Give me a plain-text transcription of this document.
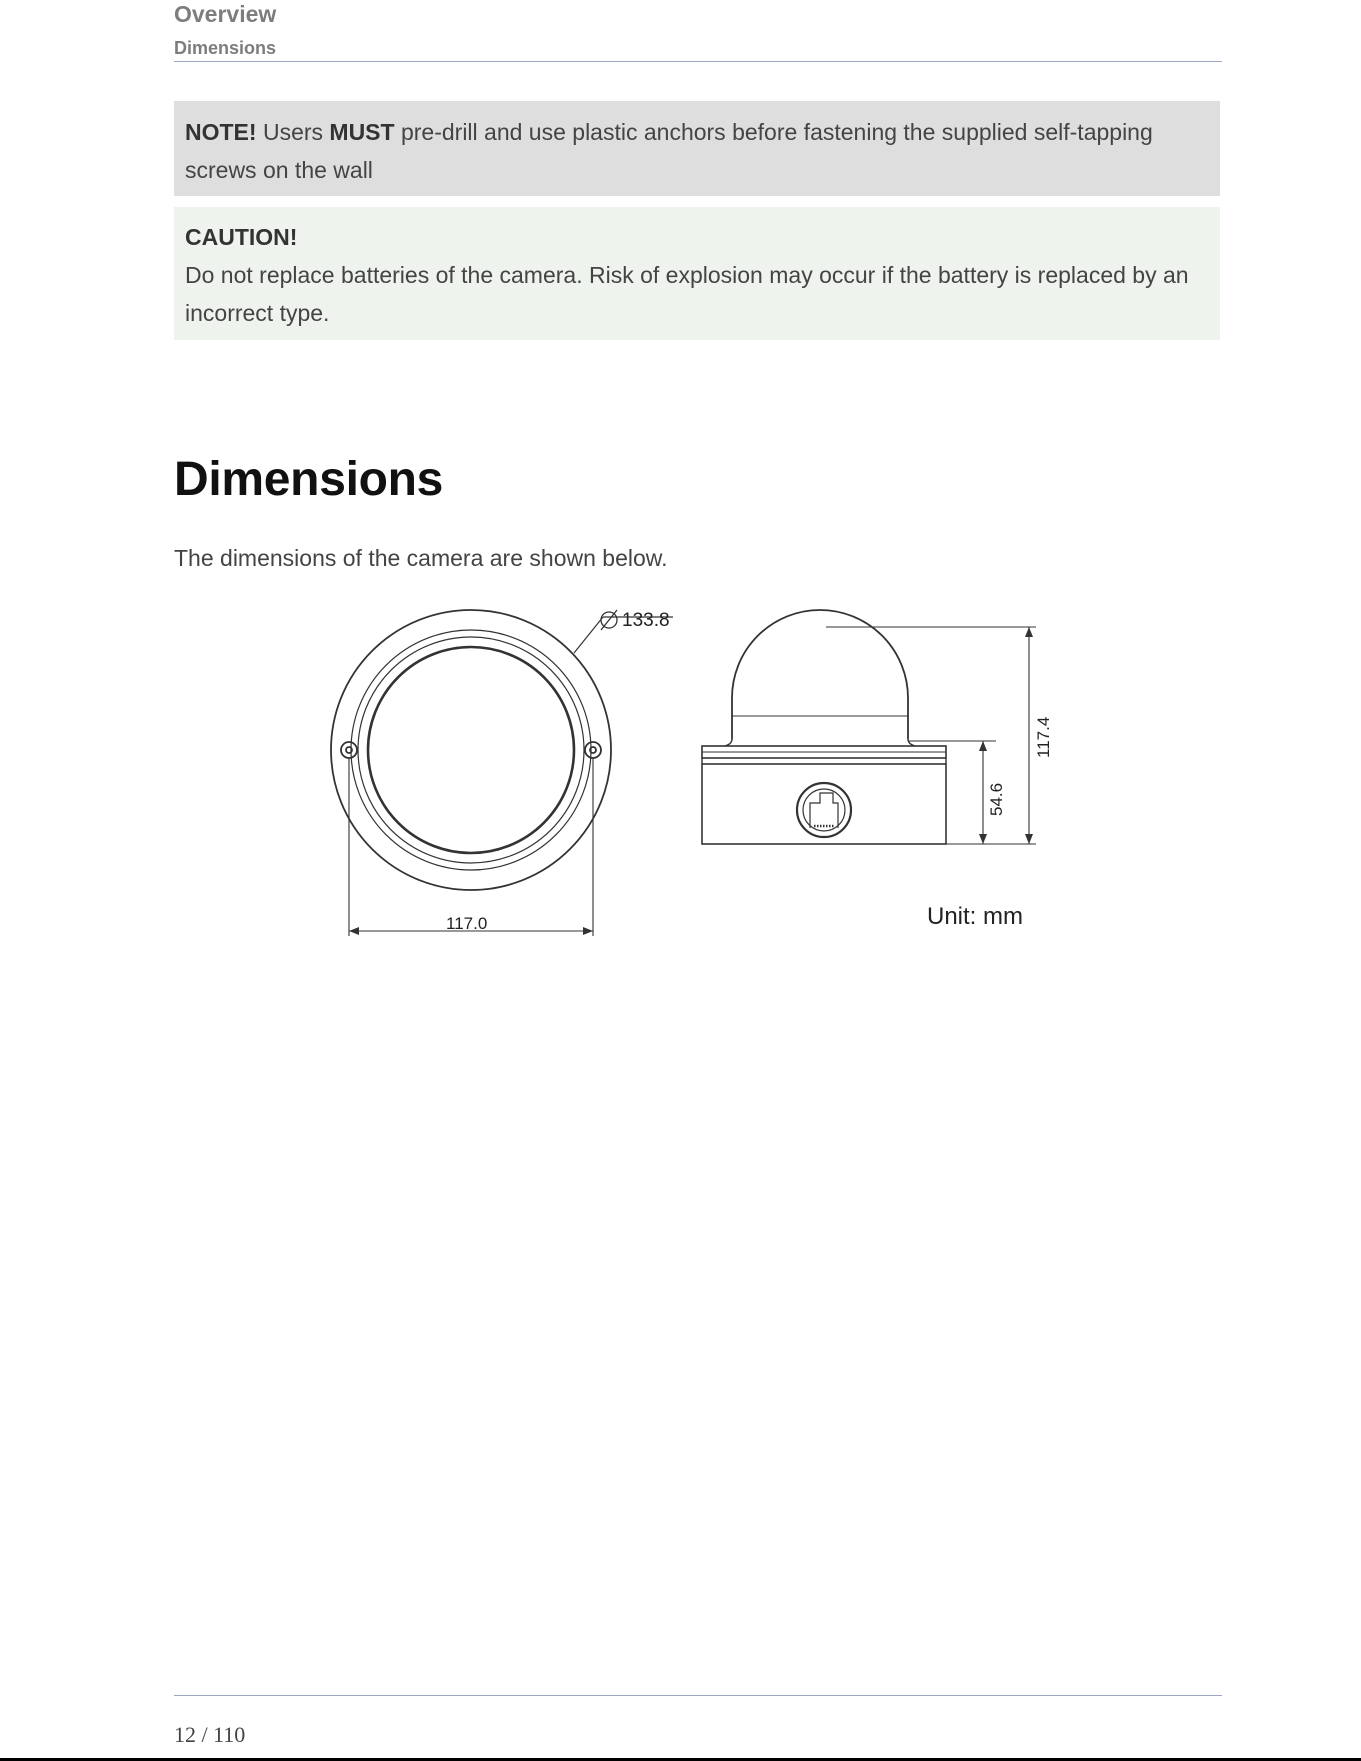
Overview
Dimensions
NOTE! Users MUST pre-drill and use plastic anchors before fastening the supplied self-tapping screws on the wall
CAUTION!
Do not replace batteries of the camera. Risk of explosion may occur if the battery is replaced by an incorrect type.
Dimensions
The dimensions of the camera are shown below.
133.8
117.0
117.4
54.6
Unit: mm
12 / 110
